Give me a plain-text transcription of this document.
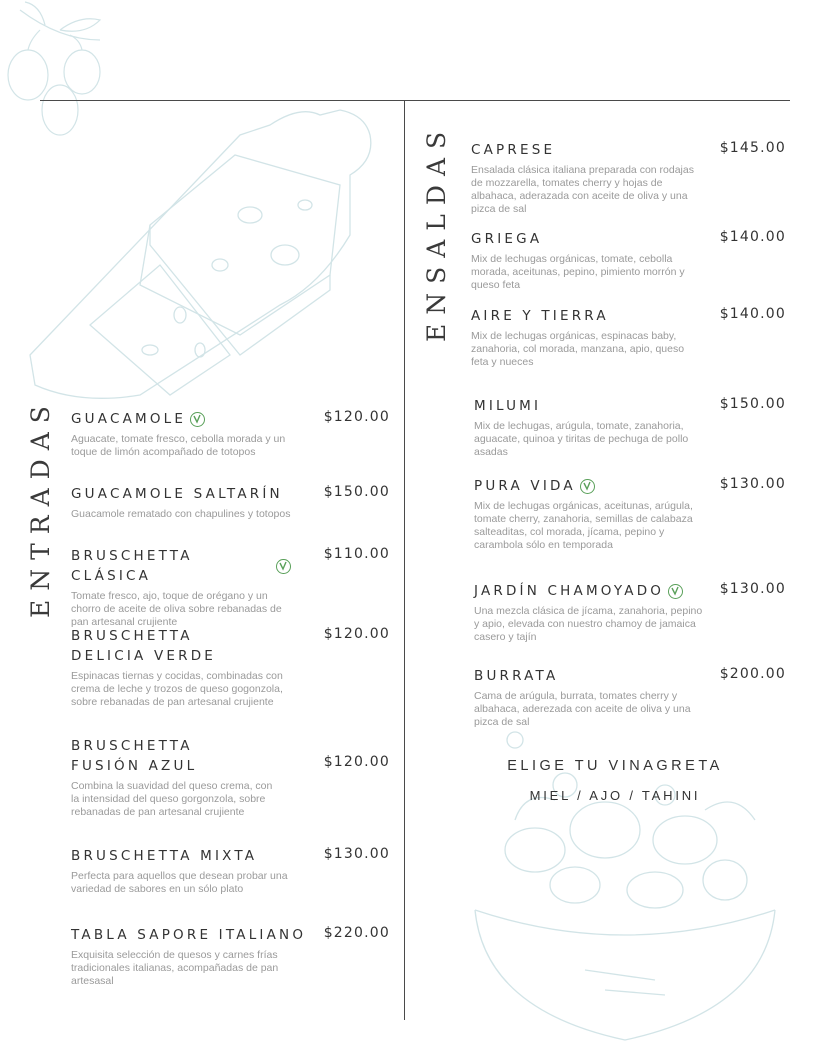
ENTRADAS GUACAMOLE
Aguacate, tomate fresco, cebolla morada y un toque de limón acompañado de totopos
$120.00
GUACAMOLE SALTARÍN
Guacamole rematado con chapulines y totopos
$150.00
BRUSCHETTA CLÁSICA
Tomate fresco, ajo, toque de orégano y un chorro de aceite de oliva sobre rebanadas de pan artesanal crujiente
$110.00
BRUSCHETTA DELICIA VERDE
Espinacas tiernas y cocidas, combinadas con crema de leche y trozos de queso gogonzola, sobre rebanadas de pan artesanal crujiente
$120.00
BRUSCHETTA FUSIÓN AZUL
Combina la suavidad del queso crema, con la intensidad del queso gorgonzola, sobre rebanadas de pan artesanal crujiente
$120.00
BRUSCHETTA MIXTA
Perfecta para aquellos que desean probar una variedad de sabores en un sólo plato
$130.00
TABLA SAPORE ITALIANO
Exquisita selección de quesos y carnes frías tradicionales italianas, acompañadas de pan artesasal
$220.00
ENSALDAS CAPRESE
Ensalada clásica italiana preparada con rodajas de mozzarella, tomates cherry y hojas de albahaca, aderazada con aceite de oliva y una pizca de sal
$145.00
GRIEGA
Mix de lechugas orgánicas, tomate, cebolla morada, aceitunas, pepino, pimiento morrón y queso feta
$140.00
AIRE Y TIERRA
Mix de lechugas orgánicas, espinacas baby, zanahoria, col morada, manzana, apio, queso feta y nueces
$140.00
MILUMI
Mix de lechugas, arúgula, tomate, zanahoria, aguacate, quinoa y tiritas de pechuga de pollo asadas
$150.00
PURA VIDA
Mix de lechugas orgánicas, aceitunas, arúgula, tomate cherry, zanahoria, semillas de calabaza salteaditas, col morada, jícama, pepino y carambola sólo en temporada
$130.00
JARDÍN CHAMOYADO
Una mezcla clásica de jícama, zanahoria, pepino y apio, elevada con nuestro chamoy de jamaica casero y tajín
$130.00
BURRATA
Cama de arúgula, burrata, tomates cherry y albahaca, aderezada con aceite de oliva y una pizca de sal
$200.00
ELIGE TU VINAGRETA
MIEL / AJO / TAHINI
